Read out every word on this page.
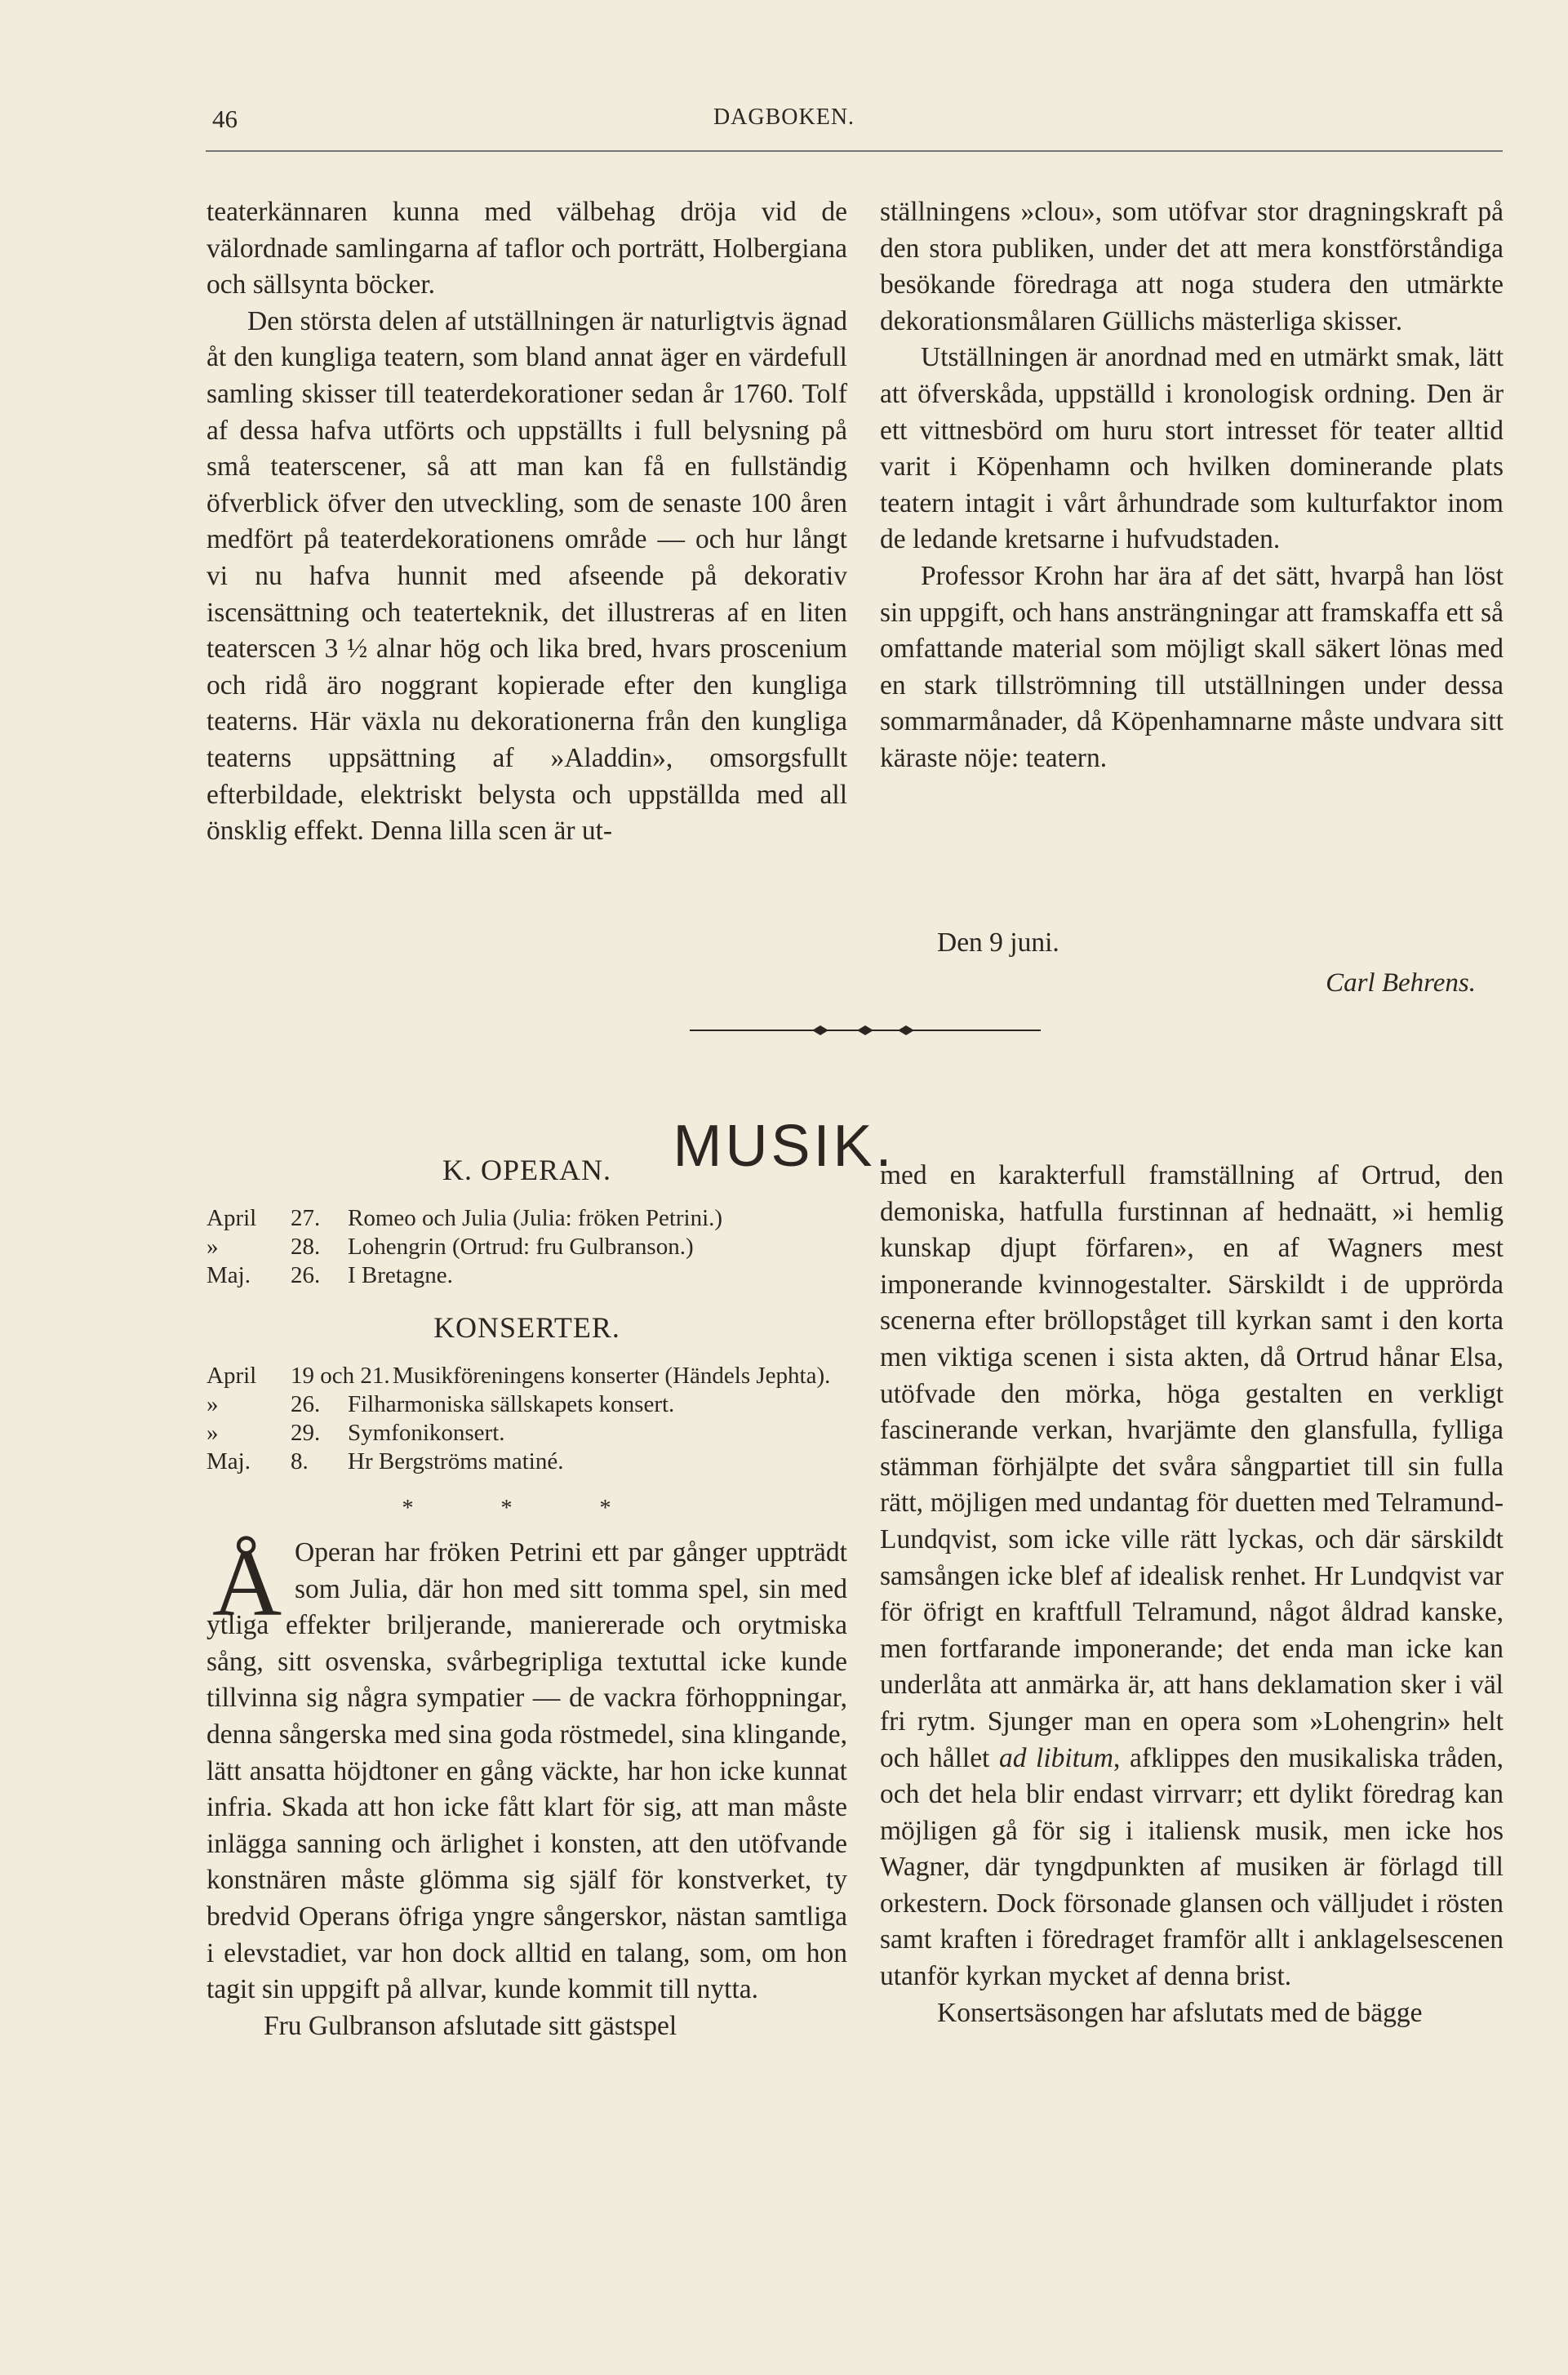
46	DAGBOKEN.

teaterkännaren kunna med välbehag dröja vid de välordnade samlingarna af taflor och porträtt, Holbergiana och sällsynta böcker.

Den största delen af utställningen är naturligtvis ägnad åt den kungliga teatern, som bland annat äger en värdefull samling skisser till teaterdekorationer sedan år 1760. Tolf af dessa hafva utförts och uppställts i full belysning på små teaterscener, så att man kan få en fullständig öfverblick öfver den utveckling, som de senaste 100 åren medfört på teaterdekorationens område — och hur långt vi nu hafva hunnit med afseende på dekorativ iscensättning och teaterteknik, det illustreras af en liten teaterscen 3 ½ alnar hög och lika bred, hvars proscenium och ridå äro noggrant kopierade efter den kungliga teaterns. Här växla nu dekorationerna från den kungliga teaterns uppsättning af »Aladdin», omsorgsfullt efterbildade, elektriskt belysta och uppställda med all önsklig effekt. Denna lilla scen är ut-

ställningens »clou», som utöfvar stor dragningskraft på den stora publiken, under det att mera konstförståndiga besökande föredraga att noga studera den utmärkte dekorationsmålaren Güllichs mästerliga skisser.

Utställningen är anordnad med en utmärkt smak, lätt att öfverskåda, uppställd i kronologisk ordning. Den är ett vittnesbörd om huru stort intresset för teater alltid varit i Köpenhamn och hvilken dominerande plats teatern intagit i vårt århundrade som kulturfaktor inom de ledande kretsarne i hufvudstaden.

Professor Krohn har ära af det sätt, hvarpå han löst sin uppgift, och hans ansträngningar att framskaffa ett så omfattande material som möjligt skall säkert lönas med en stark tillströmning till utställningen under dessa sommarmånader, då Köpenhamnarne måste undvara sitt käraste nöje: teatern.

Den 9 juni.
Carl Behrens.
MUSIK.
K. OPERAN.
April	27.	Romeo och Julia (Julia: fröken Petrini.)
»	28.	Lohengrin (Ortrud: fru Gulbranson.)
Maj.	26.	I Bretagne.
KONSERTER.
April	19 och 21. Musikföreningens konserter (Händels Jephta).
»	26.	Filharmoniska sällskapets konsert.
»	29.	Symfonikonsert.
Maj.	8.	Hr Bergströms matiné.
* * *

Operan har fröken Petrini ett par gånger uppträdt som Julia, där hon med sitt tomma spel, sin med ytliga effekter briljerande, maniererade och orytmiska sång, sitt osvenska, svårbegripliga textuttal icke kunde tillvinna sig några sympatier — de vackra förhoppningar, denna sångerska med sina goda röstmedel, sina klingande, lätt ansatta höjdtoner en gång väckte, har hon icke kunnat infria. Skada att hon icke fått klart för sig, att man måste inlägga sanning och ärlighet i konsten, att den utöfvande konstnären måste glömma sig själf för konstverket, ty bredvid Operans öfriga yngre sångerskor, nästan samtliga i elevstadiet, var hon dock alltid en talang, som, om hon tagit sin uppgift på allvar, kunde kommit till nytta.

Fru Gulbranson afslutade sitt gästspel

Å

med en karakterfull framställning af Ortrud, den demoniska, hatfulla furstinnan af hednaätt, »i hemlig kunskap djupt förfaren», en af Wagners mest imponerande kvinnogestalter. Särskildt i de upprörda scenerna efter bröllopståget till kyrkan samt i den korta men viktiga scenen i sista akten, då Ortrud hånar Elsa, utöfvade den mörka, höga gestalten en verkligt fascinerande verkan, hvarjämte den glansfulla, fylliga stämman förhjälpte det svåra sångpartiet till sin fulla rätt, möjligen med undantag för duetten med Telramund-Lundqvist, som icke ville rätt lyckas, och där särskildt samsången icke blef af idealisk renhet. Hr Lundqvist var för öfrigt en kraftfull Telramund, något åldrad kanske, men fortfarande imponerande; det enda man icke kan underlåta att anmärka är, att hans deklamation sker i väl fri rytm. Sjunger man en opera som »Lohengrin» helt och hållet ad libitum, afklippes den musikaliska tråden, och det hela blir endast virrvarr; ett dylikt föredrag kan möjligen gå för sig i italiensk musik, men icke hos Wagner, där tyngdpunkten af musiken är förlagd till orkestern. Dock försonade glansen och välljudet i rösten samt kraften i föredraget framför allt i anklagelsescenen utanför kyrkan mycket af denna brist.

Konsertsäsongen har afslutats med de bägge
